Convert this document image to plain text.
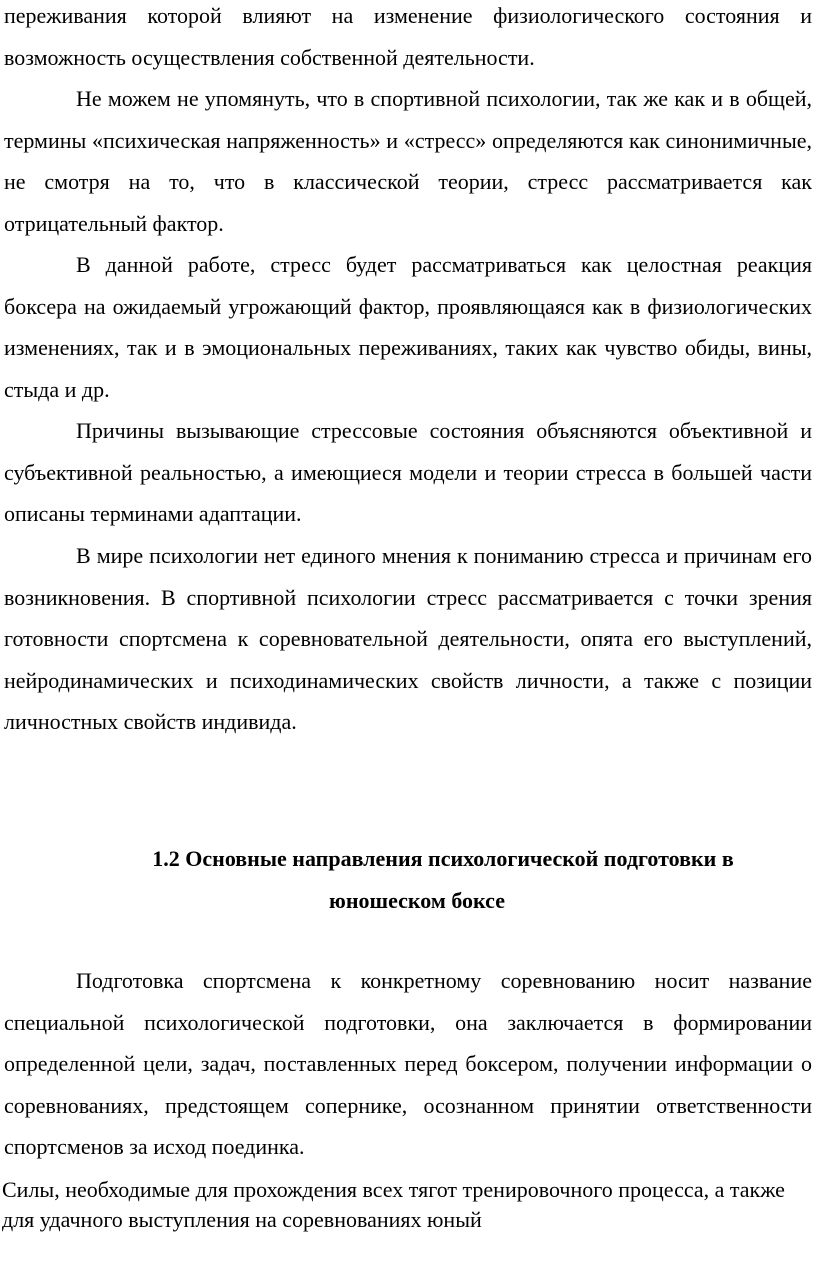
переживания которой влияют на изменение физиологического состояния и возможность осуществления собственной деятельности.

Не можем не упомянуть, что в спортивной психологии, так же как и в общей, термины «психическая напряженность» и «стресс» определяются как синонимичные, не смотря на то, что в классической теории, стресс рассматривается как отрицательный фактор.

В данной работе, стресс будет рассматриваться как целостная реакция боксера на ожидаемый угрожающий фактор, проявляющаяся как в физиологических изменениях, так и в эмоциональных переживаниях, таких как чувство обиды, вины, стыда и др.

Причины вызывающие стрессовые состояния объясняются объективной и субъективной реальностью, а имеющиеся модели и теории стресса в большей части описаны терминами адаптации.

В мире психологии нет единого мнения к пониманию стресса и причинам его возникновения. В спортивной психологии стресс рассматривается с точки зрения готовности спортсмена к соревновательной деятельности, опята его выступлений, нейродинамических и психодинамических свойств личности, а также с позиции личностных свойств индивида.

1.2 Основные направления психологической подготовки в
юношеском боксе

Подготовка спортсмена к конкретному соревнованию носит название специальной психологической подготовки, она заключается в формировании определенной цели, задач, поставленных перед боксером, получении информации о соревнованиях, предстоящем сопернике, осознанном принятии ответственности спортсменов за исход поединка.

Силы, необходимые для прохождения всех тягот тренировочного процесса, а также для удачного выступления на соревнованиях юный
